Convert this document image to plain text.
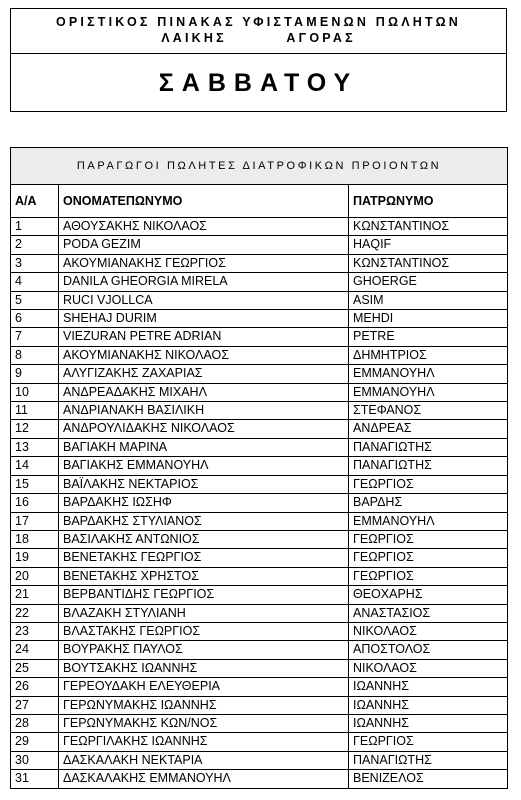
ΟΡΙΣΤΙΚΟΣ ΠΙΝΑΚΑΣ ΥΦΙΣΤΑΜΕΝΩΝ ΠΩΛΗΤΩΝ
ΛΑΙΚΗΣ         ΑΓΟΡΑΣ
ΣΑΒΒΑΤΟΥ
ΠΑΡΑΓΩΓΟΙ ΠΩΛΗΤΕΣ ΔΙΑΤΡΟΦΙΚΩΝ ΠΡΟΙΟΝΤΩΝ		
Α/Α	ΟΝΟΜΑΤΕΠΩΝΥΜΟ	ΠΑΤΡΩΝΥΜΟ
1	ΑΘΟΥΣΑΚΗΣ ΝΙΚΟΛΑΟΣ	ΚΩΝΣΤΑΝΤΙΝΟΣ
2	PODA GEZIM	HAQIF
3	ΑΚΟΥΜΙΑΝΑΚΗΣ ΓΕΩΡΓΙΟΣ	ΚΩΝΣΤΑΝΤΙΝΟΣ
4	DANILA GHEORGIA MIRELA	GHOERGE
5	RUCI VJOLLCA	ASIM
6	SHEHAJ DURIM	MEHDI
7	VIEZURAN PETRE ADRIAN	PETRE
8	ΑΚΟΥΜΙΑΝΑΚΗΣ ΝΙΚΟΛΑΟΣ	ΔΗΜΗΤΡΙΟΣ
9	ΑΛΥΓΙΖΑΚΗΣ ΖΑΧΑΡΙΑΣ	ΕΜΜΑΝΟΥΗΛ
10	ΑΝΔΡΕΑΔΑΚΗΣ ΜΙΧΑΗΛ	ΕΜΜΑΝΟΥΗΛ
11	ΑΝΔΡΙΑΝΑΚΗ ΒΑΣΙΛΙΚΗ	ΣΤΕΦΑΝΟΣ
12	ΑΝΔΡΟΥΛΙΔΑΚΗΣ ΝΙΚΟΛΑΟΣ	ΑΝΔΡΕΑΣ
13	ΒΑΓΙΑΚΗ ΜΑΡΙΝΑ	ΠΑΝΑΓΙΩΤΗΣ
14	ΒΑΓΙΑΚΗΣ ΕΜΜΑΝΟΥΗΛ	ΠΑΝΑΓΙΩΤΗΣ
15	ΒΑΪΛΑΚΗΣ ΝΕΚΤΑΡΙΟΣ	ΓΕΩΡΓΙΟΣ
16	ΒΑΡΔΑΚΗΣ ΙΩΣΗΦ	ΒΑΡΔΗΣ
17	ΒΑΡΔΑΚΗΣ ΣΤΥΛΙΑΝΟΣ	ΕΜΜΑΝΟΥΗΛ
18	ΒΑΣΙΛΑΚΗΣ ΑΝΤΩΝΙΟΣ	ΓΕΩΡΓΙΟΣ
19	ΒΕΝΕΤΑΚΗΣ ΓΕΩΡΓΙΟΣ	ΓΕΩΡΓΙΟΣ
20	ΒΕΝΕΤΑΚΗΣ ΧΡΗΣΤΟΣ	ΓΕΩΡΓΙΟΣ
21	ΒΕΡΒΑΝΤΙΔΗΣ ΓΕΩΡΓΙΟΣ	ΘΕΟΧΑΡΗΣ
22	ΒΛΑΖΑΚΗ ΣΤΥΛΙΑΝΗ	ΑΝΑΣΤΑΣΙΟΣ
23	ΒΛΑΣΤΑΚΗΣ ΓΕΩΡΓΙΟΣ	ΝΙΚΟΛΑΟΣ
24	ΒΟΥΡΑΚΗΣ ΠΑΥΛΟΣ	ΑΠΟΣΤΟΛΟΣ
25	ΒΟΥΤΣΑΚΗΣ ΙΩΑΝΝΗΣ	ΝΙΚΟΛΑΟΣ
26	ΓΕΡΕΟΥΔΑΚΗ ΕΛΕΥΘΕΡΙΑ	ΙΩΑΝΝΗΣ
27	ΓΕΡΩΝΥΜΑΚΗΣ ΙΩΑΝΝΗΣ	ΙΩΑΝΝΗΣ
28	ΓΕΡΩΝΥΜΑΚΗΣ ΚΩΝ/ΝΟΣ	ΙΩΑΝΝΗΣ
29	ΓΕΩΡΓΙΛΑΚΗΣ ΙΩΑΝΝΗΣ	ΓΕΩΡΓΙΟΣ
30	ΔΑΣΚΑΛΑΚΗ ΝΕΚΤΑΡΙΑ	ΠΑΝΑΓΙΩΤΗΣ
31	ΔΑΣΚΑΛΑΚΗΣ ΕΜΜΑΝΟΥΗΛ	ΒΕΝΙΖΕΛΟΣ
